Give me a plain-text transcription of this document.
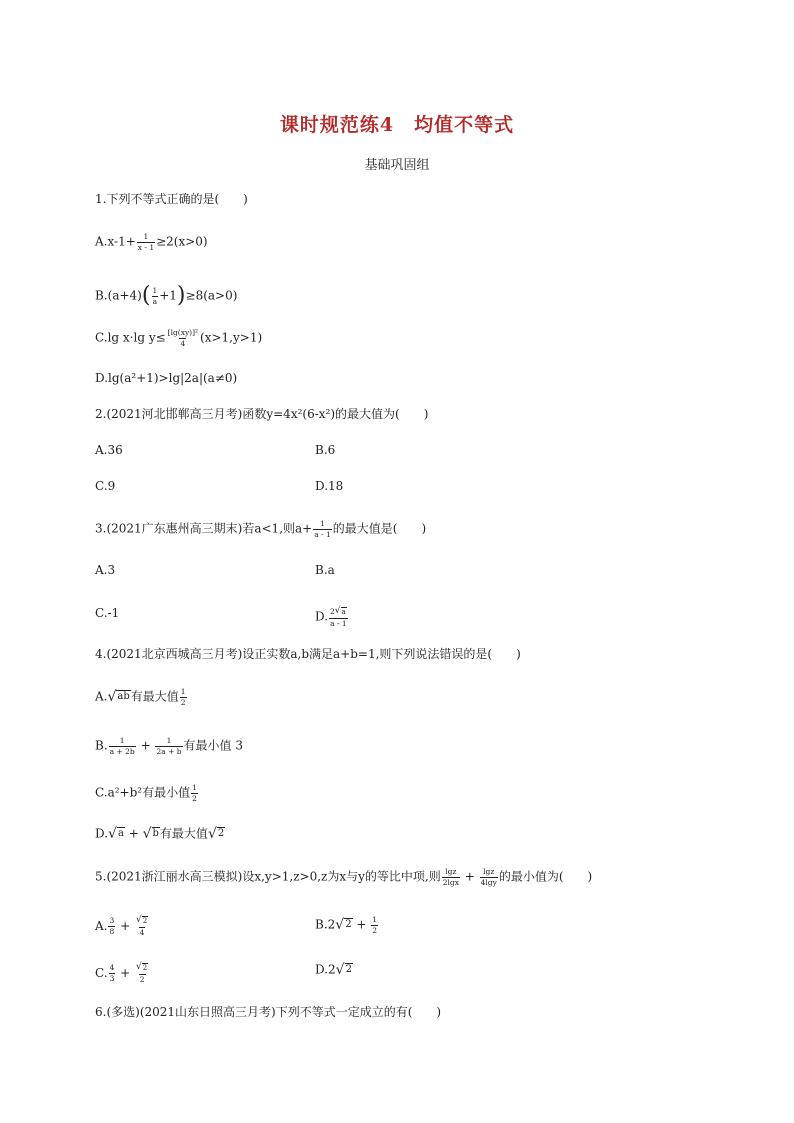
课时规范练4　均值不等式
基础巩固组
1.下列不等式正确的是(　　)
$A.x-1+ \frac{1}{x - 1} \ge 2(x>0)$
$B.(a+4)( \frac{1}{a} +1)\ge 8(a>0)$
C.lg x·lg $y\le \frac{\text{[lg(xy)]²}}{4} (x>1,y>1)$
D.lg(a²+1)>lg|2a|(a≠0)
2.(2021河北邯郸高三月考)函数y=4x²(6-x²)的最大值为(　　)
A.36	B.6
C.9	D.18
3.(2021广东惠州高三期末)若a<1,则$a+ \frac{1}{a - 1}$ 的最大值是(　　)
A.3	B.a
C.-1	D. $\frac{2 √ a}{a - 1}$
4.(2021北京西城高三月考)设正实数a,b满足a+b=1,则下列说法错误的是(　　)
A. √ ab 有最大值 $\frac{1}{2}$
B. $\frac{1}{a + 2b} + \frac{1}{2a + b}$ 有最小值 3
C.a²+b²有最小值 $\frac{1}{2}$
D. √ a + √ b 有最大值 √ 2
5.(2021浙江丽水高三模拟)设x,y>1,z>0,z为x与y的等比中项,则 $\frac{\lg z}{2\lg x} + \frac{\lg z}{4\lg y}$ 的最小值为(　　)
A. $\frac{3}{8} + \frac{√ 2}{4}$	B.2 √ $2 + \frac{1}{2}$
C. $\frac{4}{3} + \frac{√ 2}{2}$	D.2 √ 2
6.(多选)(2021山东日照高三月考)下列不等式一定成立的有(　　)
